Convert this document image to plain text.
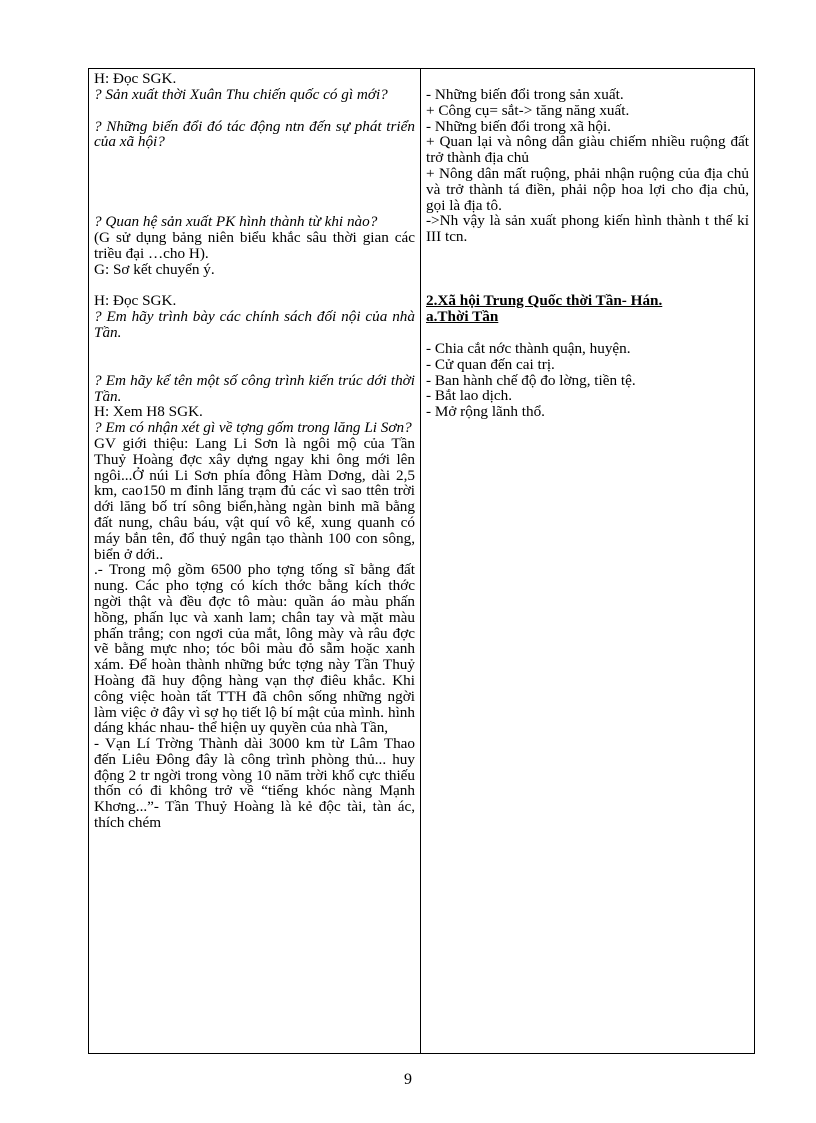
H: Đọc SGK.

? Sản xuất thời Xuân Thu chiến quốc có gì mới?

? Những biến đổi đó tác động ntn đến sự phát triển của xã hội?

? Quan hệ sản xuất PK hình thành từ khi nào?

(G sử dụng bảng niên biểu khắc sâu thời gian các triều đại …cho H).

G: Sơ kết chuyển ý.

H: Đọc SGK.

? Em hãy trình bày các chính sách đối nội của nhà Tần.

? Em hãy kể tên một số công trình kiến trúc dới thời Tần.

H: Xem H8 SGK.

? Em có nhận xét gì về tợng gốm trong lăng Li Sơn?

GV giới thiệu: Lang Li Sơn là ngôi mộ của Tần Thuỷ Hoàng đợc xây dựng ngay khi ông mới lên ngôi...Ở núi Li Sơn phía đông Hàm Dơng, dài 2,5 km, cao150 m đỉnh lăng trạm đủ các vì sao ttên trời dới lăng bố trí sông biển,hàng ngàn binh mã bằng đất nung, châu báu, vật quí vô kể, xung quanh có máy bắn tên, đổ thuỷ ngân tạo thành 100 con sông, biển ở dới..

.- Trong mộ gồm 6500 pho tợng tống sĩ bằng đất nung. Các pho tợng có kích thớc bằng kích thớc ngời thật và đều đợc tô màu: quần áo màu phấn hồng, phấn lục và xanh lam; chân tay và mặt màu phấn trắng; con ngơi của mắt, lông mày và râu đợc vẽ bằng mực nho; tóc bôi màu đỏ sẫm hoặc xanh xám. Để hoàn thành những bức tợng này Tần Thuỷ Hoàng đã huy động hàng vạn thợ điêu khắc. Khi công việc hoàn tất TTH đã chôn sống những ngời làm việc ở đây vì sợ họ tiết lộ bí mật của mình. hình dáng khác nhau- thể hiện uy quyền của nhà Tần,

- Vạn Lí Trờng Thành dài 3000 km từ Lâm Thao đến Liêu Đông đây là công trình phòng thủ... huy động 2 tr ngời trong vòng 10 năm trời khổ cực thiếu thốn có đi không trở về “tiếng khóc nàng Mạnh Khơng...”- Tần Thuỷ Hoàng là kẻ độc tài, tàn ác, thích chém

- Những biến đổi trong sản xuất.

+ Công cụ= sắt-> tăng năng xuất.

- Những biến đổi trong xã hội.

+ Quan lại và nông dân giàu chiếm nhiều ruộng đất trở thành địa chủ

+ Nông dân mất ruộng, phải nhận ruộng của địa chủ và trở thành tá điền, phải nộp hoa lợi cho địa chủ, gọi là địa tô.

->Nh vậy là sản xuất phong kiến hình thành t thế kỉ III tcn.

2.Xã hội Trung Quốc thời Tần- Hán.

a.Thời Tần

- Chia cắt nớc thành quận, huyện.

- Cử quan đến cai trị.

- Ban hành chế độ đo lờng, tiền tệ.

- Bắt lao dịch.

- Mở rộng lãnh thổ.

9
